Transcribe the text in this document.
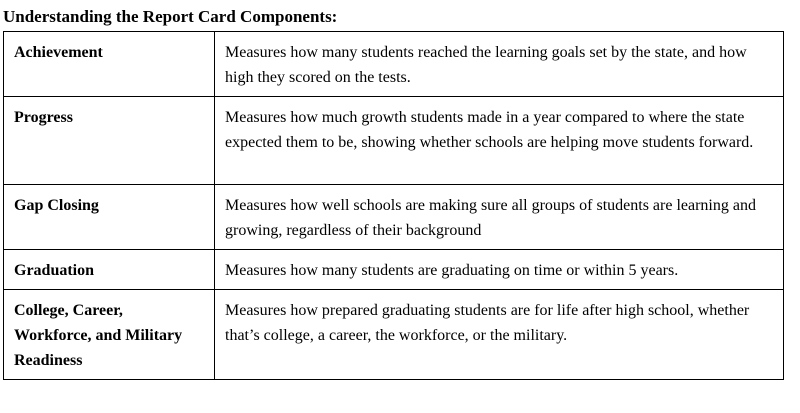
Understanding the Report Card Components:
Achievement	Measures how many students reached the learning goals set by the state, and how high they scored on the tests.
Progress	Measures how much growth students made in a year compared to where the state expected them to be, showing whether schools are helping move students forward.
Gap Closing	Measures how well schools are making sure all groups of students are learning and growing, regardless of their background
Graduation	Measures how many students are graduating on time or within 5 years.
College, Career, Workforce, and Military Readiness	Measures how prepared graduating students are for life after high school, whether that’s college, a career, the workforce, or the military.
